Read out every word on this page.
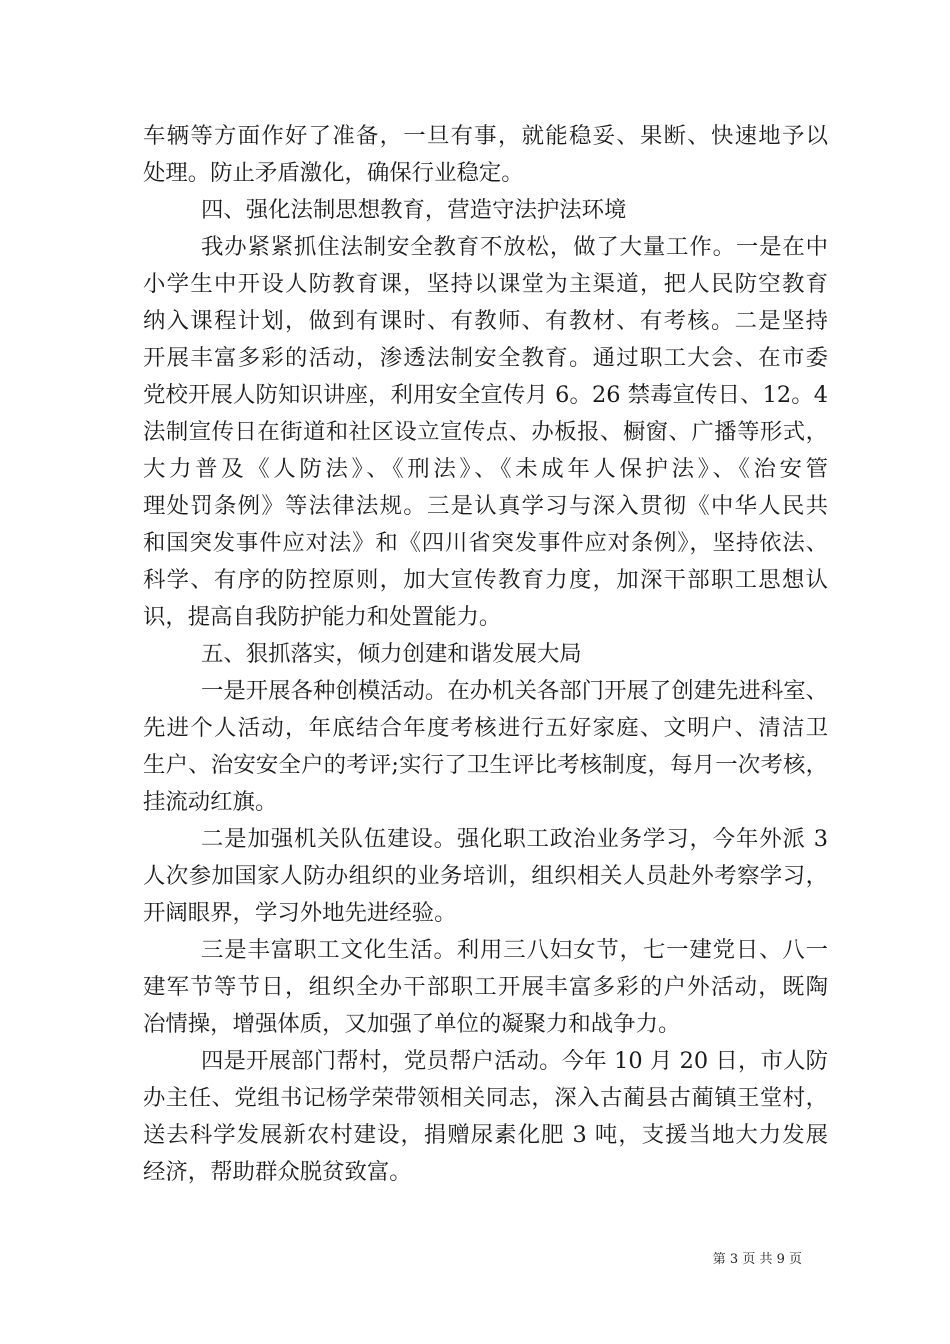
车辆等方面作好了准备，一旦有事，就能稳妥、果断、快速地予以
处理。防止矛盾激化，确保行业稳定。
四、强化法制思想教育，营造守法护法环境
我办紧紧抓住法制安全教育不放松，做了大量工作。一是在中
小学生中开设人防教育课，坚持以课堂为主渠道，把人民防空教育
纳入课程计划，做到有课时、有教师、有教材、有考核。二是坚持
开展丰富多彩的活动，渗透法制安全教育。通过职工大会、在市委
党校开展人防知识讲座，利用安全宣传月 6。26 禁毒宣传日、12。4
法制宣传日在街道和社区设立宣传点、办板报、橱窗、广播等形式，
大力普及《人防法》、《刑法》、《未成年人保护法》、《治安管
理处罚条例》等法律法规。三是认真学习与深入贯彻《中华人民共
和国突发事件应对法》和《四川省突发事件应对条例》，坚持依法、
科学、有序的防控原则，加大宣传教育力度，加深干部职工思想认
识，提高自我防护能力和处置能力。
五、狠抓落实，倾力创建和谐发展大局
一是开展各种创模活动。在办机关各部门开展了创建先进科室、
先进个人活动，年底结合年度考核进行五好家庭、文明户、清洁卫
生户、治安安全户的考评;实行了卫生评比考核制度，每月一次考核，
挂流动红旗。
二是加强机关队伍建设。强化职工政治业务学习，今年外派 3
人次参加国家人防办组织的业务培训，组织相关人员赴外考察学习，
开阔眼界，学习外地先进经验。
三是丰富职工文化生活。利用三八妇女节，七一建党日、八一
建军节等节日，组织全办干部职工开展丰富多彩的户外活动，既陶
冶情操，增强体质，又加强了单位的凝聚力和战争力。
四是开展部门帮村，党员帮户活动。今年 10 月 20 日，市人防
办主任、党组书记杨学荣带领相关同志，深入古蔺县古蔺镇王堂村，
送去科学发展新农村建设，捐赠尿素化肥 3 吨，支援当地大力发展
经济，帮助群众脱贫致富。
第 3 页 共 9 页
